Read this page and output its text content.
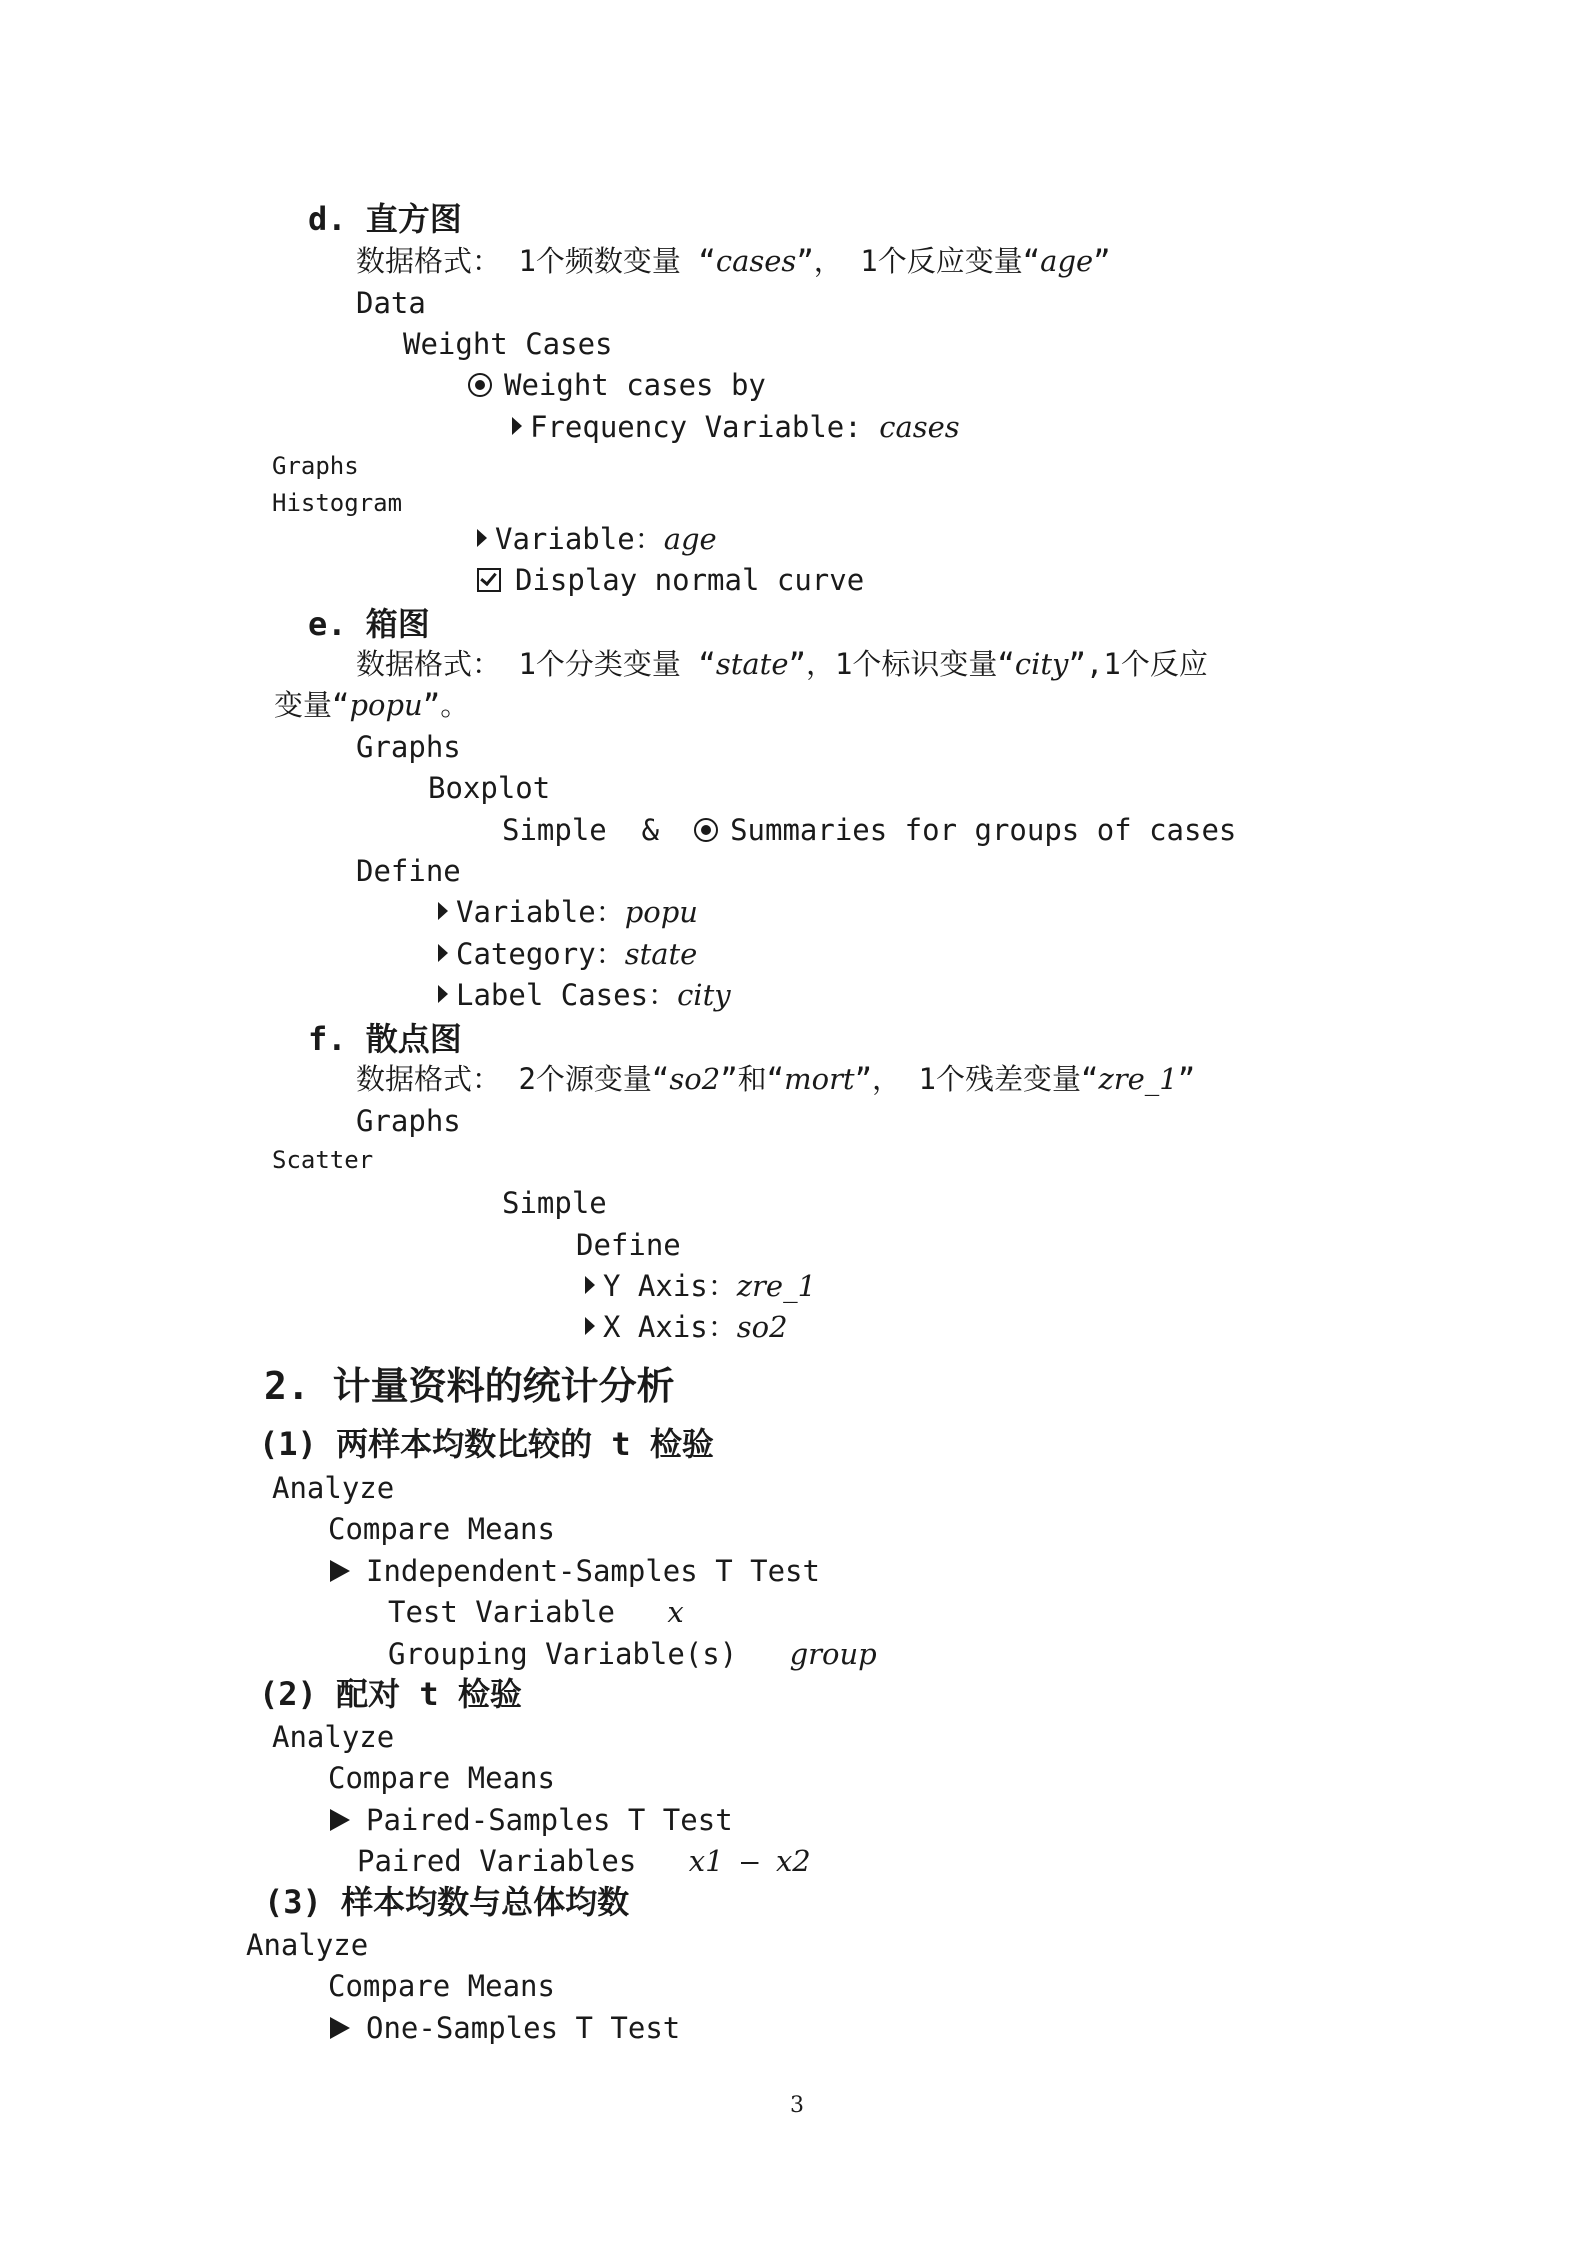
d. 直方图
数据格式： 1个频数变量 “cases”， 1个反应变量“age”
Data
Weight Cases
Weight cases by
Frequency Variable: cases
Graphs
Histogram
Variable：age
Display normal curve
e. 箱图
数据格式： 1个分类变量 “state”，1个标识变量“city”,1个反应
变量“popu”。
Graphs
Boxplot
Simple  &  Summaries for groups of cases
Define
Variable：popu
Category：state
Label Cases：city
f. 散点图
数据格式： 2个源变量“so2”和“mort”， 1个残差变量“zre_1”
Graphs
Scatter
Simple
Define
Y Axis：zre_1
X Axis：so2
2. 计量资料的统计分析
(1) 两样本均数比较的 t 检验
Analyze
Compare Means
Independent-Samples T Test
Test Variable   x
Grouping Variable(s)   group
(2) 配对 t 检验
Analyze
Compare Means
Paired-Samples T Test
Paired Variables   x1 — x2
(3) 样本均数与总体均数
Analyze
Compare Means
One-Samples T Test
3
